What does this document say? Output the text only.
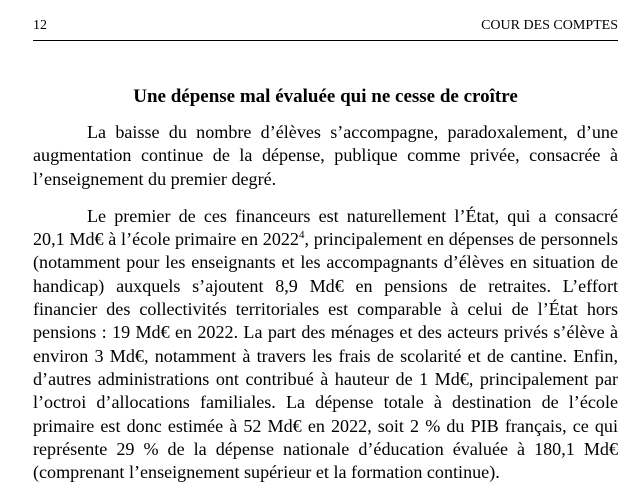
12	COUR DES COMPTES
Une dépense mal évaluée qui ne cesse de croître

La baisse du nombre d’élèves s’accompagne, paradoxalement, d’une augmentation continue de la dépense, publique comme privée, consacrée à l’enseignement du premier degré.

Le premier de ces financeurs est naturellement l’État, qui a consacré 20,1 Md€ à l’école primaire en 2022$^4$, principalement en dépenses de personnels (notamment pour les enseignants et les accompagnants d’élèves en situation de handicap) auxquels s’ajoutent 8,9 Md€ en pensions de retraites. L’effort financier des collectivités territoriales est comparable à celui de l’État hors pensions : 19 Md€ en 2022. La part des ménages et des acteurs privés s’élève à environ 3 Md€, notamment à travers les frais de scolarité et de cantine. Enfin, d’autres administrations ont contribué à hauteur de 1 Md€, principalement par l’octroi d’allocations familiales. La dépense totale à destination de l’école primaire est donc estimée à 52 Md€ en 2022, soit 2 % du PIB français, ce qui représente 29 % de la dépense nationale d’éducation évaluée à 180,1 Md€ (comprenant l’enseignement supérieur et la formation continue).
